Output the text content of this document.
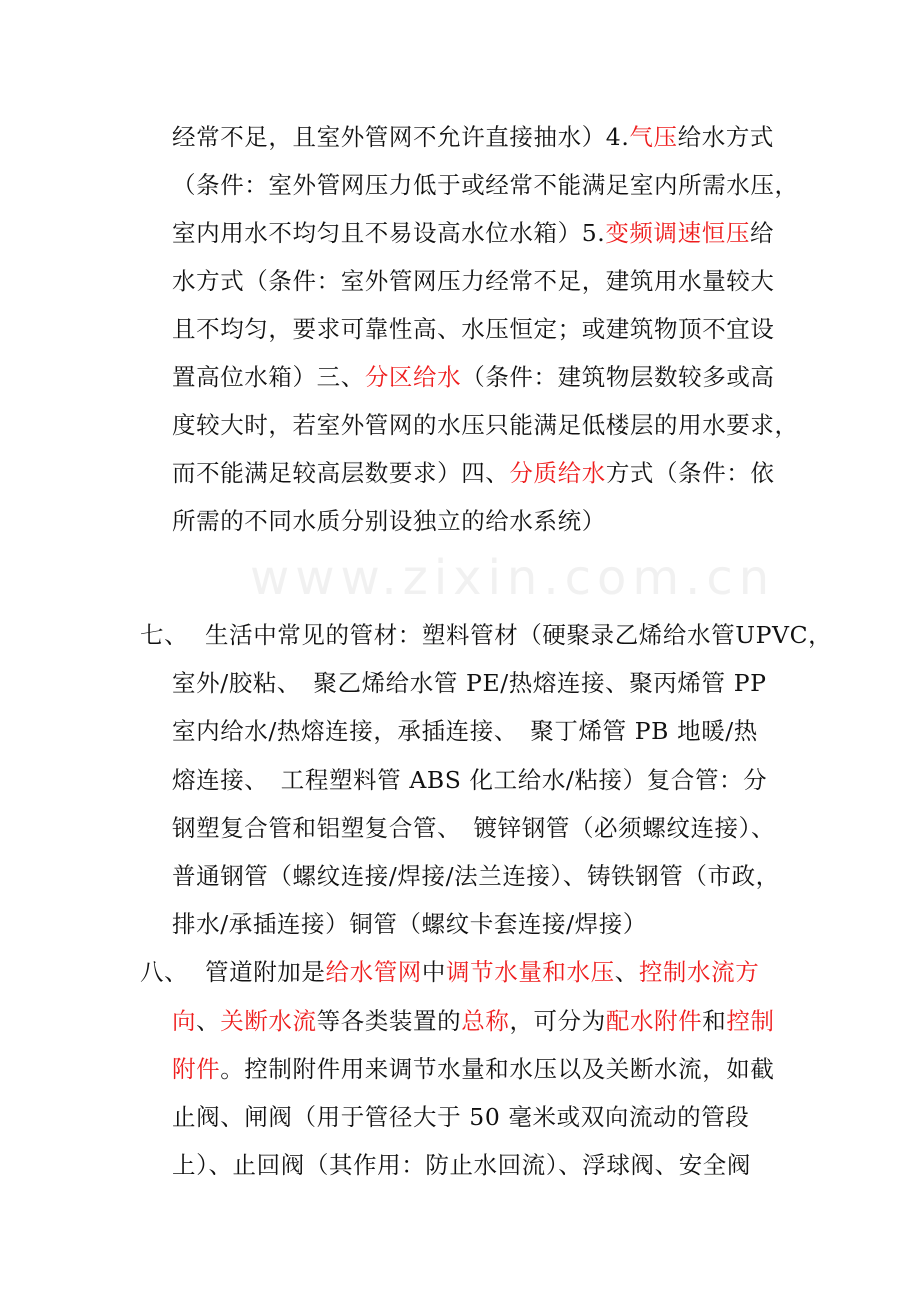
www.zixin.com.cn
经常不足，且室外管网不允许直接抽水）4.气压给水方式
（条件：室外管网压力低于或经常不能满足室内所需水压，
室内用水不均匀且不易设高水位水箱）5.变频调速恒压给
水方式（条件：室外管网压力经常不足，建筑用水量较大
且不均匀，要求可靠性高、水压恒定；或建筑物顶不宜设
置高位水箱）三、分区给水（条件：建筑物层数较多或高
度较大时，若室外管网的水压只能满足低楼层的用水要求，
而不能满足较高层数要求）四、分质给水方式（条件：依
所需的不同水质分别设独立的给水系统）
七、 生活中常见的管材：塑料管材（硬聚录乙烯给水管UPVC，
室外/胶粘、　聚乙烯给水管 PE/热熔连接、聚丙烯管 PP
室内给水/热熔连接，承插连接、　聚丁烯管 PB 地暖/热
熔连接、　工程塑料管 ABS 化工给水/粘接）复合管：分
钢塑复合管和铝塑复合管、　镀锌钢管（必须螺纹连接）、
普通钢管（螺纹连接/焊接/法兰连接）、铸铁钢管（市政，
排水/承插连接）铜管（螺纹卡套连接/焊接）
八、 管道附加是给水管网中调节水量和水压、控制水流方
向、关断水流等各类装置的总称，可分为配水附件和控制
附件。控制附件用来调节水量和水压以及关断水流，如截
止阀、闸阀（用于管径大于 50 毫米或双向流动的管段
上）、止回阀（其作用：防止水回流）、浮球阀、安全阀
